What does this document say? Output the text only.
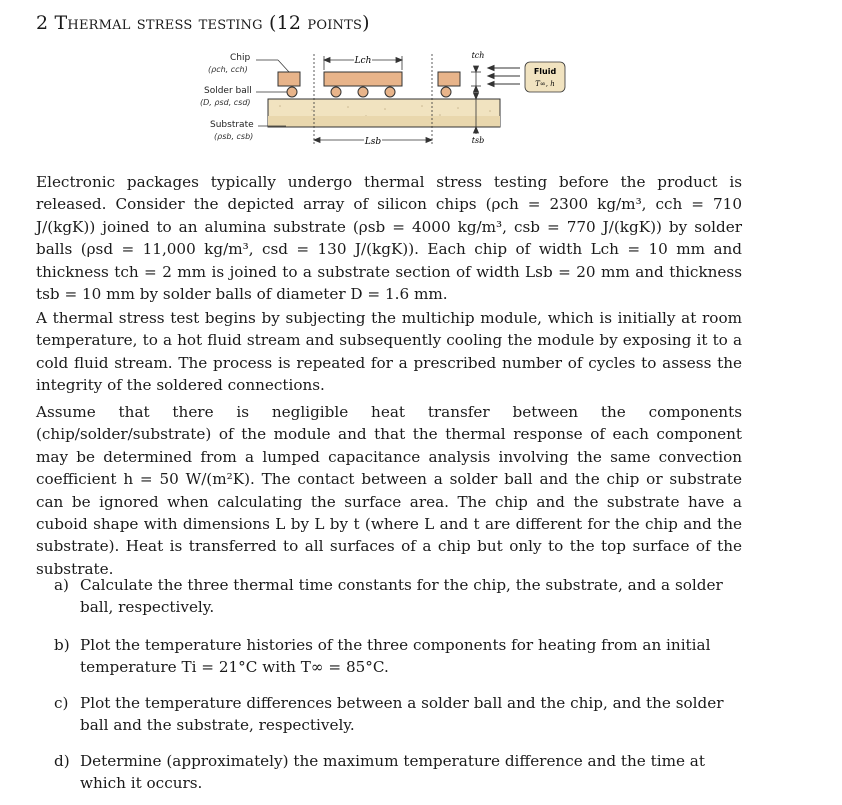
2 Thermal stress testing (12 points)
Lch
Lsb
tch
tsb
Fluid
T∞, h
Chip
(ρch, cch)
Solder ball
(D, ρsd, csd)
Substrate
(ρsb, csb)
Electronic packages typically undergo thermal stress testing before the product is released. Consider the depicted array of silicon chips (ρch = 2300 kg/m³, cch = 710 J/(kgK)) joined to an alumina substrate (ρsb = 4000 kg/m³, csb = 770 J/(kgK)) by solder balls (ρsd = 11,000 kg/m³, csd = 130 J/(kgK)). Each chip of width Lch = 10 mm and thickness tch = 2 mm is joined to a substrate section of width Lsb = 20 mm and thickness tsb = 10 mm by solder balls of diameter D = 1.6 mm.
A thermal stress test begins by subjecting the multichip module, which is initially at room temperature, to a hot fluid stream and subsequently cooling the module by exposing it to a cold fluid stream. The process is repeated for a prescribed number of cycles to assess the integrity of the soldered connections.
Assume that there is negligible heat transfer between the components (chip/solder/substrate) of the module and that the thermal response of each component may be determined from a lumped capacitance analysis involving the same convection coefficient h = 50 W/(m²K). The contact between a solder ball and the chip or substrate can be ignored when calculating the surface area. The chip and the substrate have a cuboid shape with dimensions L by L by t (where L and t are different for the chip and the substrate). Heat is transferred to all surfaces of a chip but only to the top surface of the substrate.
a) Calculate the three thermal time constants for the chip, the substrate, and a solder ball, respectively.
b) Plot the temperature histories of the three components for heating from an initial temperature Ti = 21°C with T∞ = 85°C.
c) Plot the temperature differences between a solder ball and the chip, and the solder ball and the substrate, respectively.
d) Determine (approximately) the maximum temperature difference and the time at which it occurs.
